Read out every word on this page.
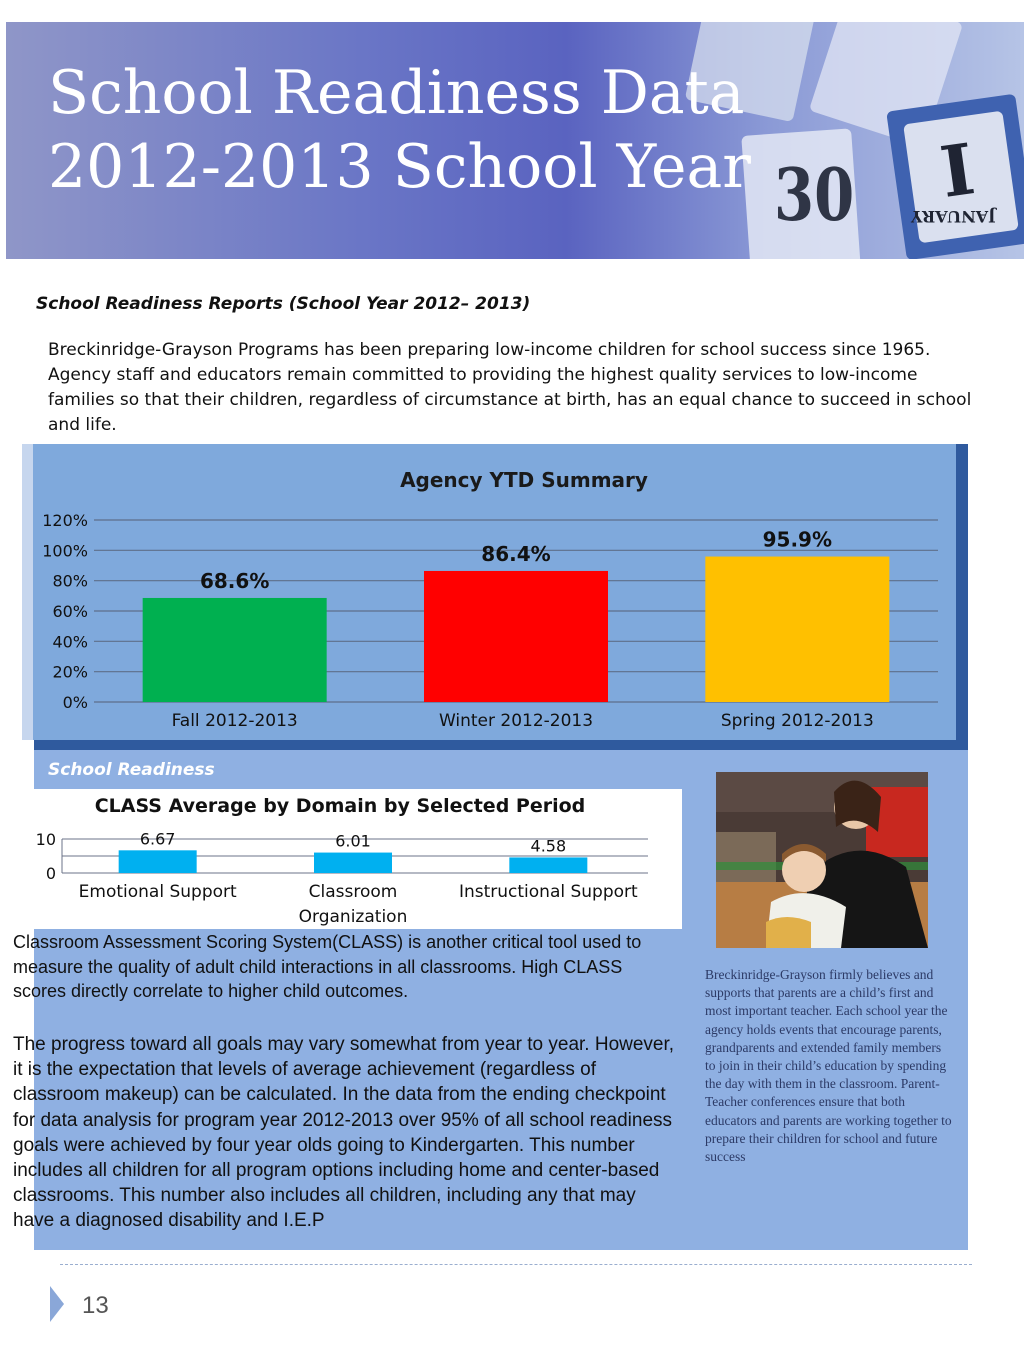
30 I
JANUARY
School Readiness Data
2012-2013 School Year
School Readiness Reports (School Year 2012– 2013)
Breckinridge-Grayson Programs has been preparing low-income children for school success since 1965. Agency staff and educators remain committed to providing the highest quality services to low-income families so that their children, regardless of circumstance at birth, has an equal chance to succeed in school and life.
Agency YTD Summary
0%
20%
40%
60%
80%
100%
120%
68.6%
Fall 2012-2013
86.4%
Winter 2012-2013
95.9%
Spring 2012-2013
School Readiness
CLASS Average by Domain by Selected Period
0
10	6.67
Emotional Support
6.01
Classroom Organization
4.58
Instructional Support
Breckinridge-Grayson firmly believes and supports that parents are a child’s first and most important teacher. Each school year the agency holds events that encourage parents, grandparents and extended family members to join in their child’s education by spending the day with them in the classroom. Parent-Teacher conferences ensure that both educators and parents are working together to prepare their children for school and future success

Classroom Assessment Scoring System(CLASS) is another critical tool used to measure the quality of adult child interactions in all classrooms. High CLASS scores directly correlate to higher child outcomes.

The progress toward all goals may vary somewhat from year to year. However, it is the expectation that levels of average achievement (regardless of classroom makeup) can be calculated. In the data from the ending checkpoint for data analysis for program year 2012-2013 over 95% of all school readiness goals were achieved by four year olds going to Kindergarten. This number includes all children for all program options including home and center-based classrooms. This number also includes all children, including any that may have a diagnosed disability and I.E.P

13
